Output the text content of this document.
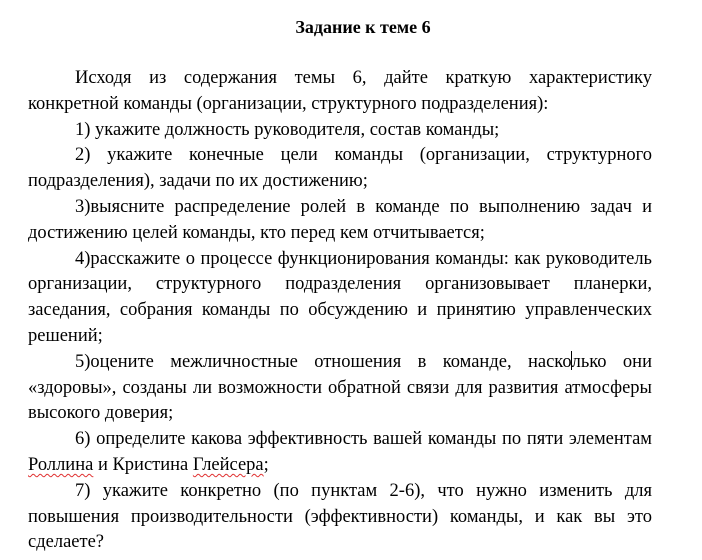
Задание к теме 6

Исходя из содержания темы 6, дайте краткую характеристику конкретной команды (организации, структурного подразделения):

1) укажите должность руководителя, состав команды;

2) укажите конечные цели команды (организации, структурного подразделения), задачи по их достижению;

3)выясните распределение ролей в команде по выполнению задач и достижению целей команды, кто перед кем отчитывается;

4)расскажите о процессе функционирования команды: как руководитель организации, структурного подразделения организовывает планерки, заседания, собрания команды по обсуждению и принятию управленческих решений;

5)оцените межличностные отношения в команде, насколько они «здоровы», созданы ли возможности обратной связи для развития атмосферы высокого доверия;

6) определите какова эффективность вашей команды по пяти элементам Роллина и Кристина Глейсера;

7) укажите конкретно (по пунктам 2-6), что нужно изменить для повышения производительности (эффективности) команды, и как вы это сделаете?
